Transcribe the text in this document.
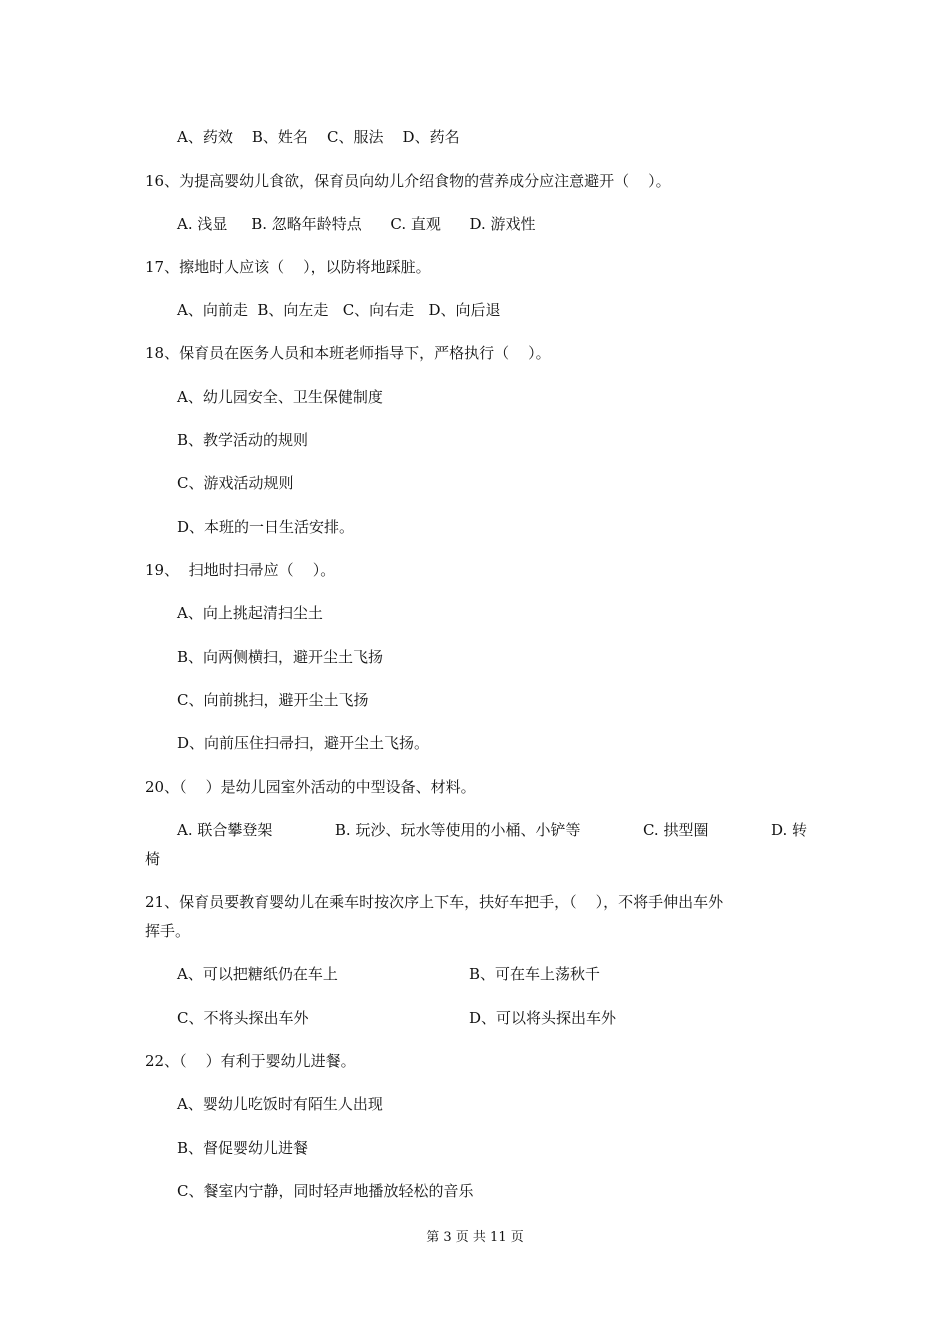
A、药效    B、姓名    C、服法    D、药名
16、为提高婴幼儿食欲，保育员向幼儿介绍食物的营养成分应注意避开（    ）。
A. 浅显     B. 忽略年龄特点      C. 直观      D. 游戏性
17、擦地时人应该（    ），以防将地踩脏。
A、向前走  B、向左走   C、向右走   D、向后退
18、保育员在医务人员和本班老师指导下，严格执行（    ）。
A、幼儿园安全、卫生保健制度
B、教学活动的规则
C、游戏活动规则
D、本班的一日生活安排。
19、  扫地时扫帚应（    ）。
A、向上挑起清扫尘土
B、向两侧横扫，避开尘土飞扬
C、向前挑扫，避开尘土飞扬
D、向前压住扫帚扫，避开尘土飞扬。
20、（    ）是幼儿园室外活动的中型设备、材料。
A. 联合攀登架	B. 玩沙、玩水等使用的小桶、小铲等	C. 拱型圈	D. 转
椅
21、保育员要教育婴幼儿在乘车时按次序上下车，扶好车把手，（    ），不将手伸出车外
挥手。
A、可以把糖纸仍在车上	B、可在车上荡秋千
C、不将头探出车外	D、可以将头探出车外
22、（    ）有利于婴幼儿进餐。
A、婴幼儿吃饭时有陌生人出现
B、督促婴幼儿进餐
C、餐室内宁静，同时轻声地播放轻松的音乐
第 3 页 共 11 页
